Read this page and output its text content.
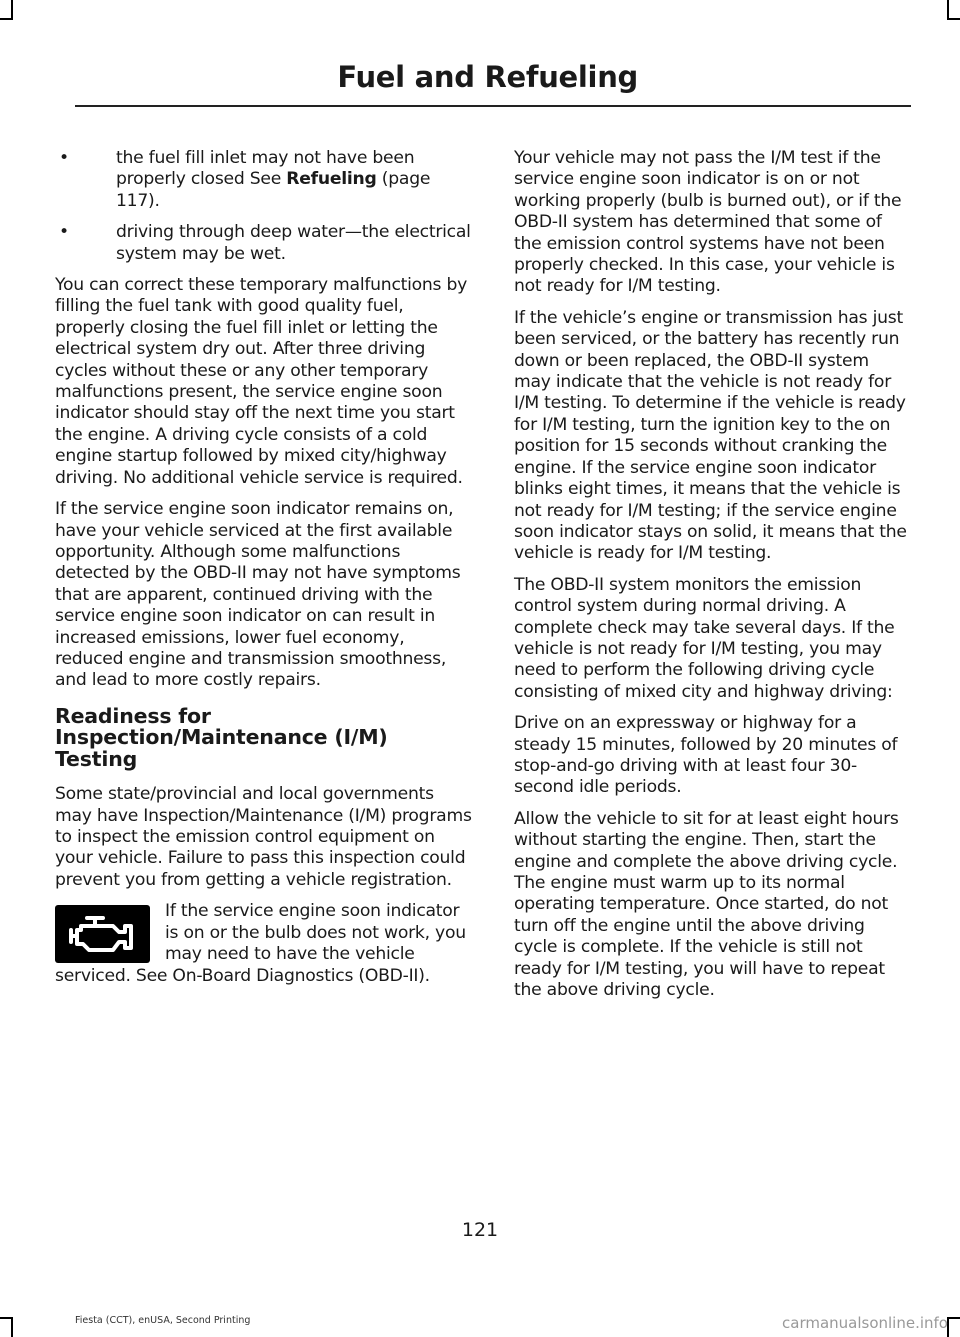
Fuel and Refueling
•	the fuel fill inlet may not have been properly closed See Refueling (page 117).
•	driving through deep water—the electrical system may be wet.

You can correct these temporary malfunctions by filling the fuel tank with good quality fuel, properly closing the fuel fill inlet or letting the electrical system dry out. After three driving cycles without these or any other temporary malfunctions present, the service engine soon indicator should stay off the next time you start the engine. A driving cycle consists of a cold engine startup followed by mixed city/highway driving. No additional vehicle service is required.

If the service engine soon indicator remains on, have your vehicle serviced at the first available opportunity. Although some malfunctions detected by the OBD-II may not have symptoms that are apparent, continued driving with the service engine soon indicator on can result in increased emissions, lower fuel economy, reduced engine and transmission smoothness, and lead to more costly repairs.

Readiness for
Inspection/Maintenance (I/M)
Testing

Some state/provincial and local governments may have Inspection/Maintenance (I/M) programs to inspect the emission control equipment on your vehicle. Failure to pass this inspection could prevent you from getting a vehicle registration.

If the service engine soon indicator is on or the bulb does not work, you may need to have the vehicle serviced. See On-Board Diagnostics (OBD-II).

Your vehicle may not pass the I/M test if the service engine soon indicator is on or not working properly (bulb is burned out), or if the OBD-II system has determined that some of the emission control systems have not been properly checked. In this case, your vehicle is not ready for I/M testing.

If the vehicle’s engine or transmission has just been serviced, or the battery has recently run down or been replaced, the OBD-II system may indicate that the vehicle is not ready for I/M testing. To determine if the vehicle is ready for I/M testing, turn the ignition key to the on position for 15 seconds without cranking the engine. If the service engine soon indicator blinks eight times, it means that the vehicle is not ready for I/M testing; if the service engine soon indicator stays on solid, it means that the vehicle is ready for I/M testing.

The OBD-II system monitors the emission control system during normal driving. A complete check may take several days. If the vehicle is not ready for I/M testing, you may need to perform the following driving cycle consisting of mixed city and highway driving:

Drive on an expressway or highway for a steady 15 minutes, followed by 20 minutes of stop-and-go driving with at least four 30-second idle periods.

Allow the vehicle to sit for at least eight hours without starting the engine. Then, start the engine and complete the above driving cycle. The engine must warm up to its normal operating temperature. Once started, do not turn off the engine until the above driving cycle is complete. If the vehicle is still not ready for I/M testing, you will have to repeat the above driving cycle.

121
Fiesta (CCT), enUSA, Second Printing	carmanualsonline.info
